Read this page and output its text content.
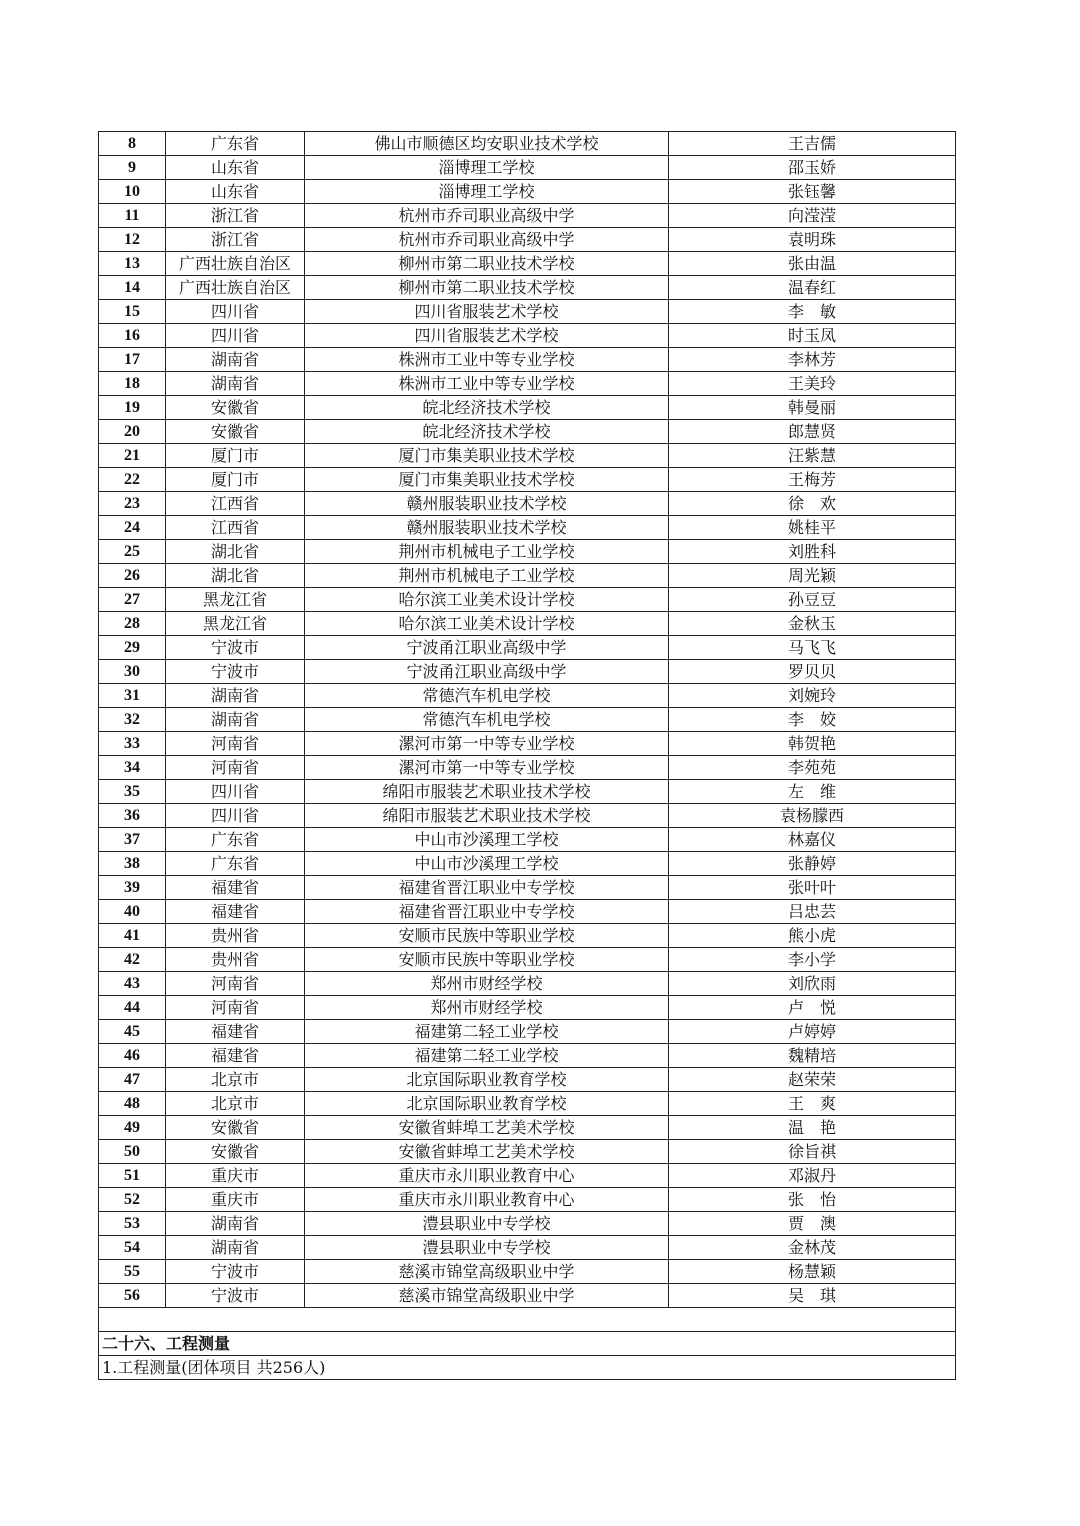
8	广东省	佛山市顺德区均安职业技术学校	王吉儒
9	山东省	淄博理工学校	邵玉娇
10	山东省	淄博理工学校	张钰馨
11	浙江省	杭州市乔司职业高级中学	向滢滢
12	浙江省	杭州市乔司职业高级中学	袁明珠
13	广西壮族自治区	柳州市第二职业技术学校	张由温
14	广西壮族自治区	柳州市第二职业技术学校	温春红
15	四川省	四川省服装艺术学校	李　敏
16	四川省	四川省服装艺术学校	时玉凤
17	湖南省	株洲市工业中等专业学校	李林芳
18	湖南省	株洲市工业中等专业学校	王美玲
19	安徽省	皖北经济技术学校	韩曼丽
20	安徽省	皖北经济技术学校	郎慧贤
21	厦门市	厦门市集美职业技术学校	汪紫慧
22	厦门市	厦门市集美职业技术学校	王梅芳
23	江西省	赣州服装职业技术学校	徐　欢
24	江西省	赣州服装职业技术学校	姚桂平
25	湖北省	荆州市机械电子工业学校	刘胜科
26	湖北省	荆州市机械电子工业学校	周光颖
27	黑龙江省	哈尔滨工业美术设计学校	孙豆豆
28	黑龙江省	哈尔滨工业美术设计学校	金秋玉
29	宁波市	宁波甬江职业高级中学	马飞飞
30	宁波市	宁波甬江职业高级中学	罗贝贝
31	湖南省	常德汽车机电学校	刘婉玲
32	湖南省	常德汽车机电学校	李　姣
33	河南省	漯河市第一中等专业学校	韩贺艳
34	河南省	漯河市第一中等专业学校	李苑苑
35	四川省	绵阳市服装艺术职业技术学校	左　维
36	四川省	绵阳市服装艺术职业技术学校	袁杨朦西
37	广东省	中山市沙溪理工学校	林嘉仪
38	广东省	中山市沙溪理工学校	张静婷
39	福建省	福建省晋江职业中专学校	张叶叶
40	福建省	福建省晋江职业中专学校	吕忠芸
41	贵州省	安顺市民族中等职业学校	熊小虎
42	贵州省	安顺市民族中等职业学校	李小学
43	河南省	郑州市财经学校	刘欣雨
44	河南省	郑州市财经学校	卢　悦
45	福建省	福建第二轻工业学校	卢婷婷
46	福建省	福建第二轻工业学校	魏精培
47	北京市	北京国际职业教育学校	赵荣荣
48	北京市	北京国际职业教育学校	王　爽
49	安徽省	安徽省蚌埠工艺美术学校	温　艳
50	安徽省	安徽省蚌埠工艺美术学校	徐旨祺
51	重庆市	重庆市永川职业教育中心	邓淑丹
52	重庆市	重庆市永川职业教育中心	张　怡
53	湖南省	澧县职业中专学校	贾　澳
54	湖南省	澧县职业中专学校	金林茂
55	宁波市	慈溪市锦堂高级职业中学	杨慧颖
56	宁波市	慈溪市锦堂高级职业中学	吴　琪

二十六、工程测量			
1.工程测量(团体项目 共256人)			
